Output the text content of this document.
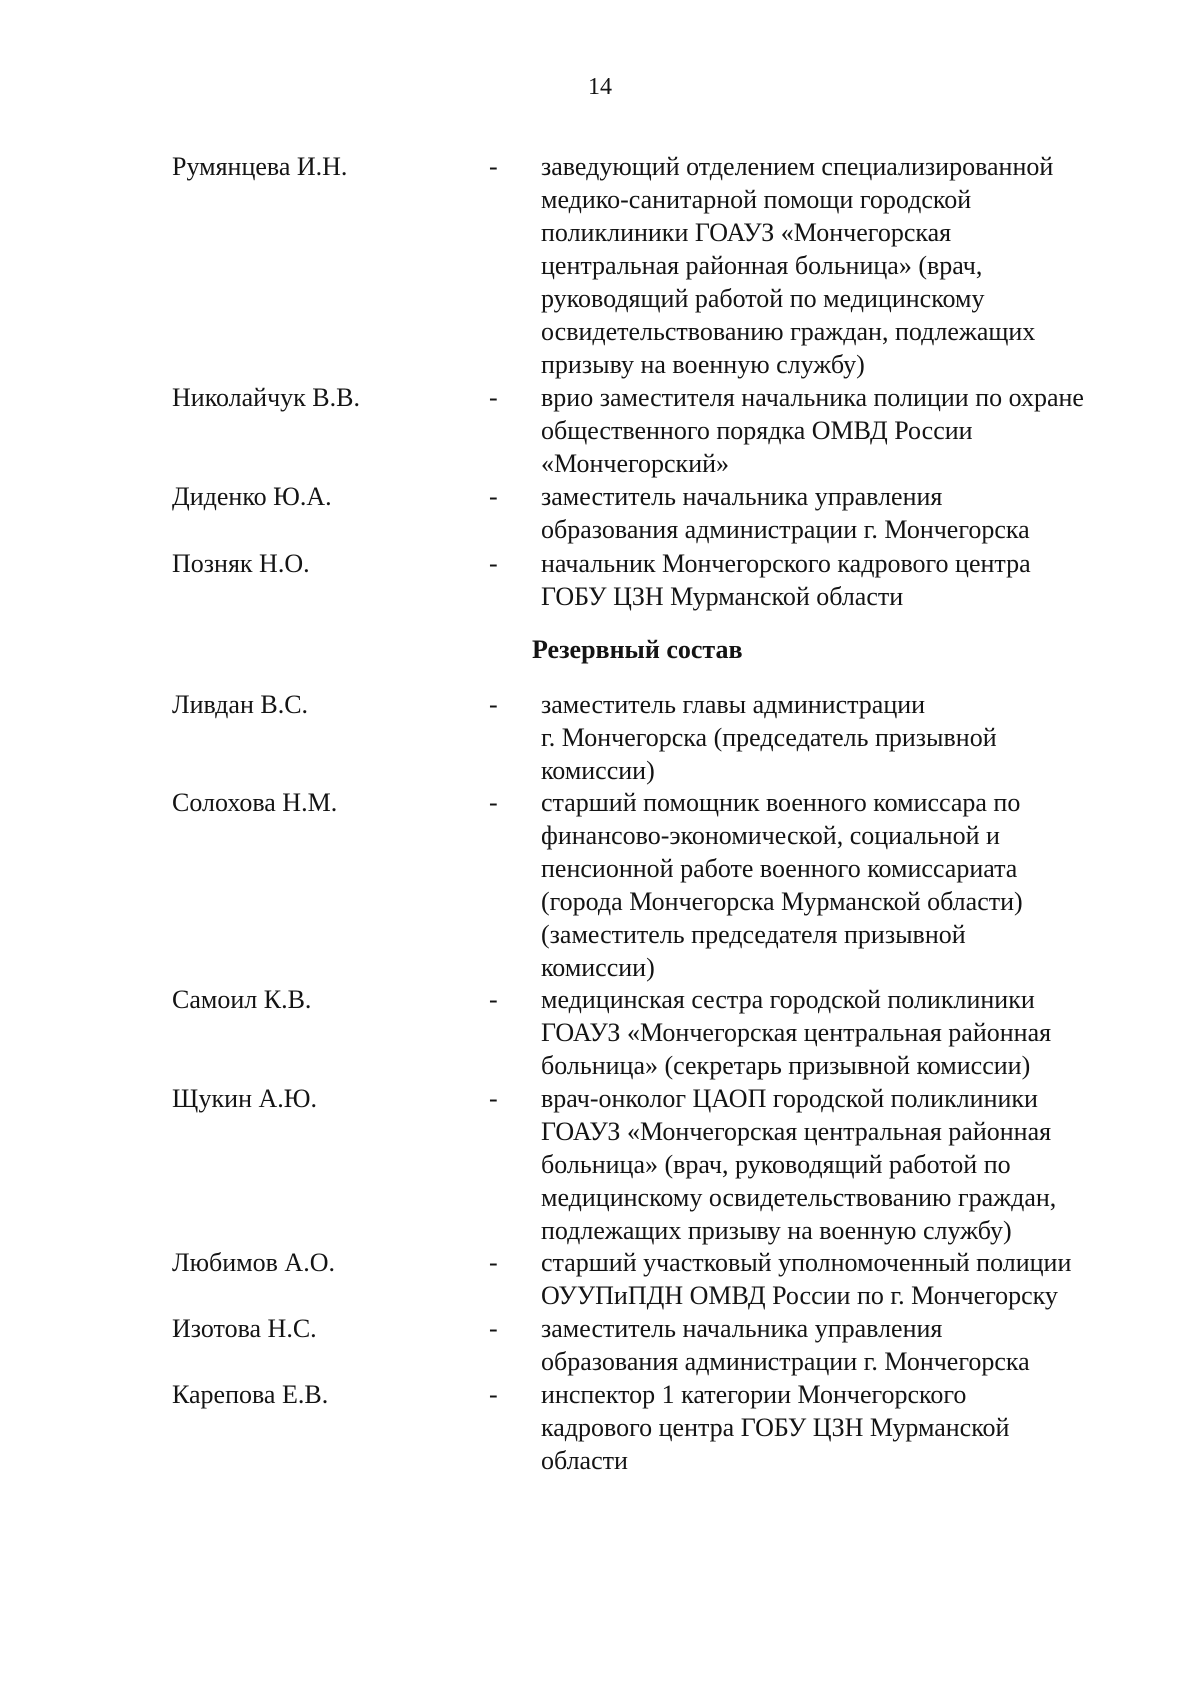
14
Румянцева И.Н.	- заведующий отделением специализированной
медико-санитарной помощи городской
поликлиники ГОАУЗ «Мончегорская
центральная районная больница» (врач,
руководящий работой по медицинскому
освидетельствованию граждан, подлежащих
призыву на военную службу)
Николайчук В.В.	- врио заместителя начальника полиции по охране
общественного порядка ОМВД России
«Мончегорский»
Диденко Ю.А.	- заместитель начальника управления
образования администрации г. Мончегорска
Позняк Н.О.	- начальник Мончегорского кадрового центра
ГОБУ ЦЗН Мурманской области
Резервный состав
Ливдан В.С.	- заместитель главы администрации
г. Мончегорска (председатель призывной
комиссии)
Солохова Н.М.	- старший помощник военного комиссара по
финансово-экономической, социальной и
пенсионной работе военного комиссариата
(города Мончегорска Мурманской области)
(заместитель председателя призывной
комиссии)
Самоил К.В.	- медицинская сестра городской поликлиники
ГОАУЗ «Мончегорская центральная районная
больница» (секретарь призывной комиссии)
Щукин А.Ю.	- врач-онколог ЦАОП городской поликлиники
ГОАУЗ «Мончегорская центральная районная
больница» (врач, руководящий работой по
медицинскому освидетельствованию граждан,
подлежащих призыву на военную службу)
Любимов А.О.	- старший участковый уполномоченный полиции
ОУУПиПДН ОМВД России по г. Мончегорску
Изотова Н.С.	- заместитель начальника управления
образования администрации г. Мончегорска
Карепова Е.В.	- инспектор 1 категории Мончегорского
кадрового центра ГОБУ ЦЗН Мурманской
области
